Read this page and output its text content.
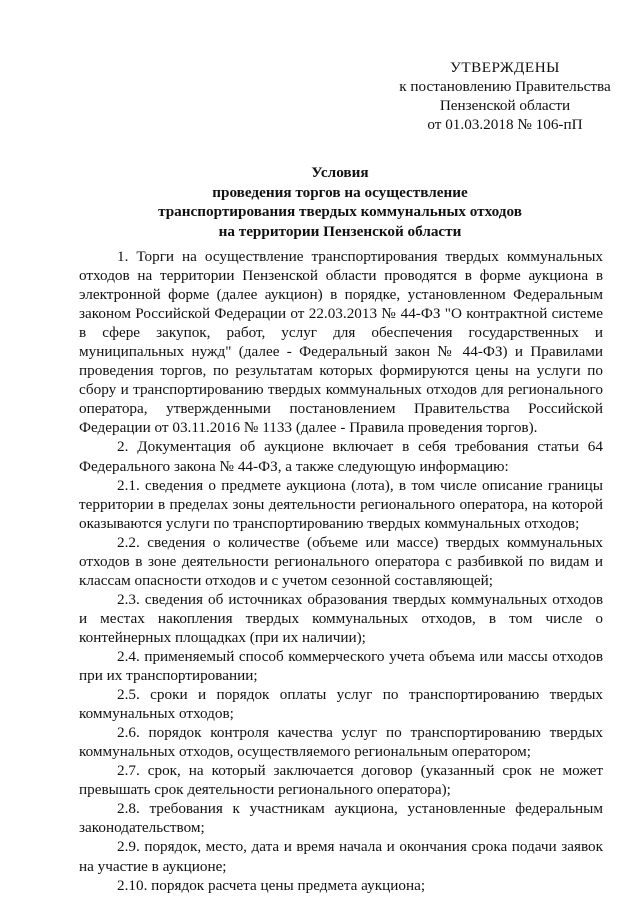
УТВЕРЖДЕНЫ
к постановлению Правительства
Пензенской области
от 01.03.2018 № 106-пП
Условия
проведения торгов на осуществление
транспортирования твердых коммунальных отходов
на территории Пензенской области

1. Торги на осуществление транспортирования твердых коммунальных отходов на территории Пензенской области проводятся в форме аукциона в электронной форме (далее аукцион) в порядке, установленном Федеральным законом Российской Федерации от 22.03.2013 № 44-ФЗ "О контрактной системе в сфере закупок, работ, услуг для обеспечения государственных и муниципальных нужд" (далее - Федеральный закон № 44-ФЗ) и Правилами проведения торгов, по результатам которых формируются цены на услуги по сбору и транспортированию твердых коммунальных отходов для регионального оператора, утвержденными постановлением Правительства Российской Федерации от 03.11.2016 № 1133 (далее - Правила проведения торгов).

2. Документация об аукционе включает в себя требования статьи 64 Федерального закона № 44-ФЗ, а также следующую информацию:

2.1. сведения о предмете аукциона (лота), в том числе описание границы территории в пределах зоны деятельности регионального оператора, на которой оказываются услуги по транспортированию твердых коммунальных отходов;

2.2. сведения о количестве (объеме или массе) твердых коммунальных отходов в зоне деятельности регионального оператора с разбивкой по видам и классам опасности отходов и с учетом сезонной составляющей;

2.3. сведения об источниках образования твердых коммунальных отходов и местах накопления твердых коммунальных отходов, в том числе о контейнерных площадках (при их наличии);

2.4. применяемый способ коммерческого учета объема или массы отходов при их транспортировании;

2.5. сроки и порядок оплаты услуг по транспортированию твердых коммунальных отходов;

2.6. порядок контроля качества услуг по транспортированию твердых коммунальных отходов, осуществляемого региональным оператором;

2.7. срок, на который заключается договор (указанный срок не может превышать срок деятельности регионального оператора);

2.8. требования к участникам аукциона, установленные федеральным законодательством;

2.9. порядок, место, дата и время начала и окончания срока подачи заявок на участие в аукционе;

2.10. порядок расчета цены предмета аукциона;
